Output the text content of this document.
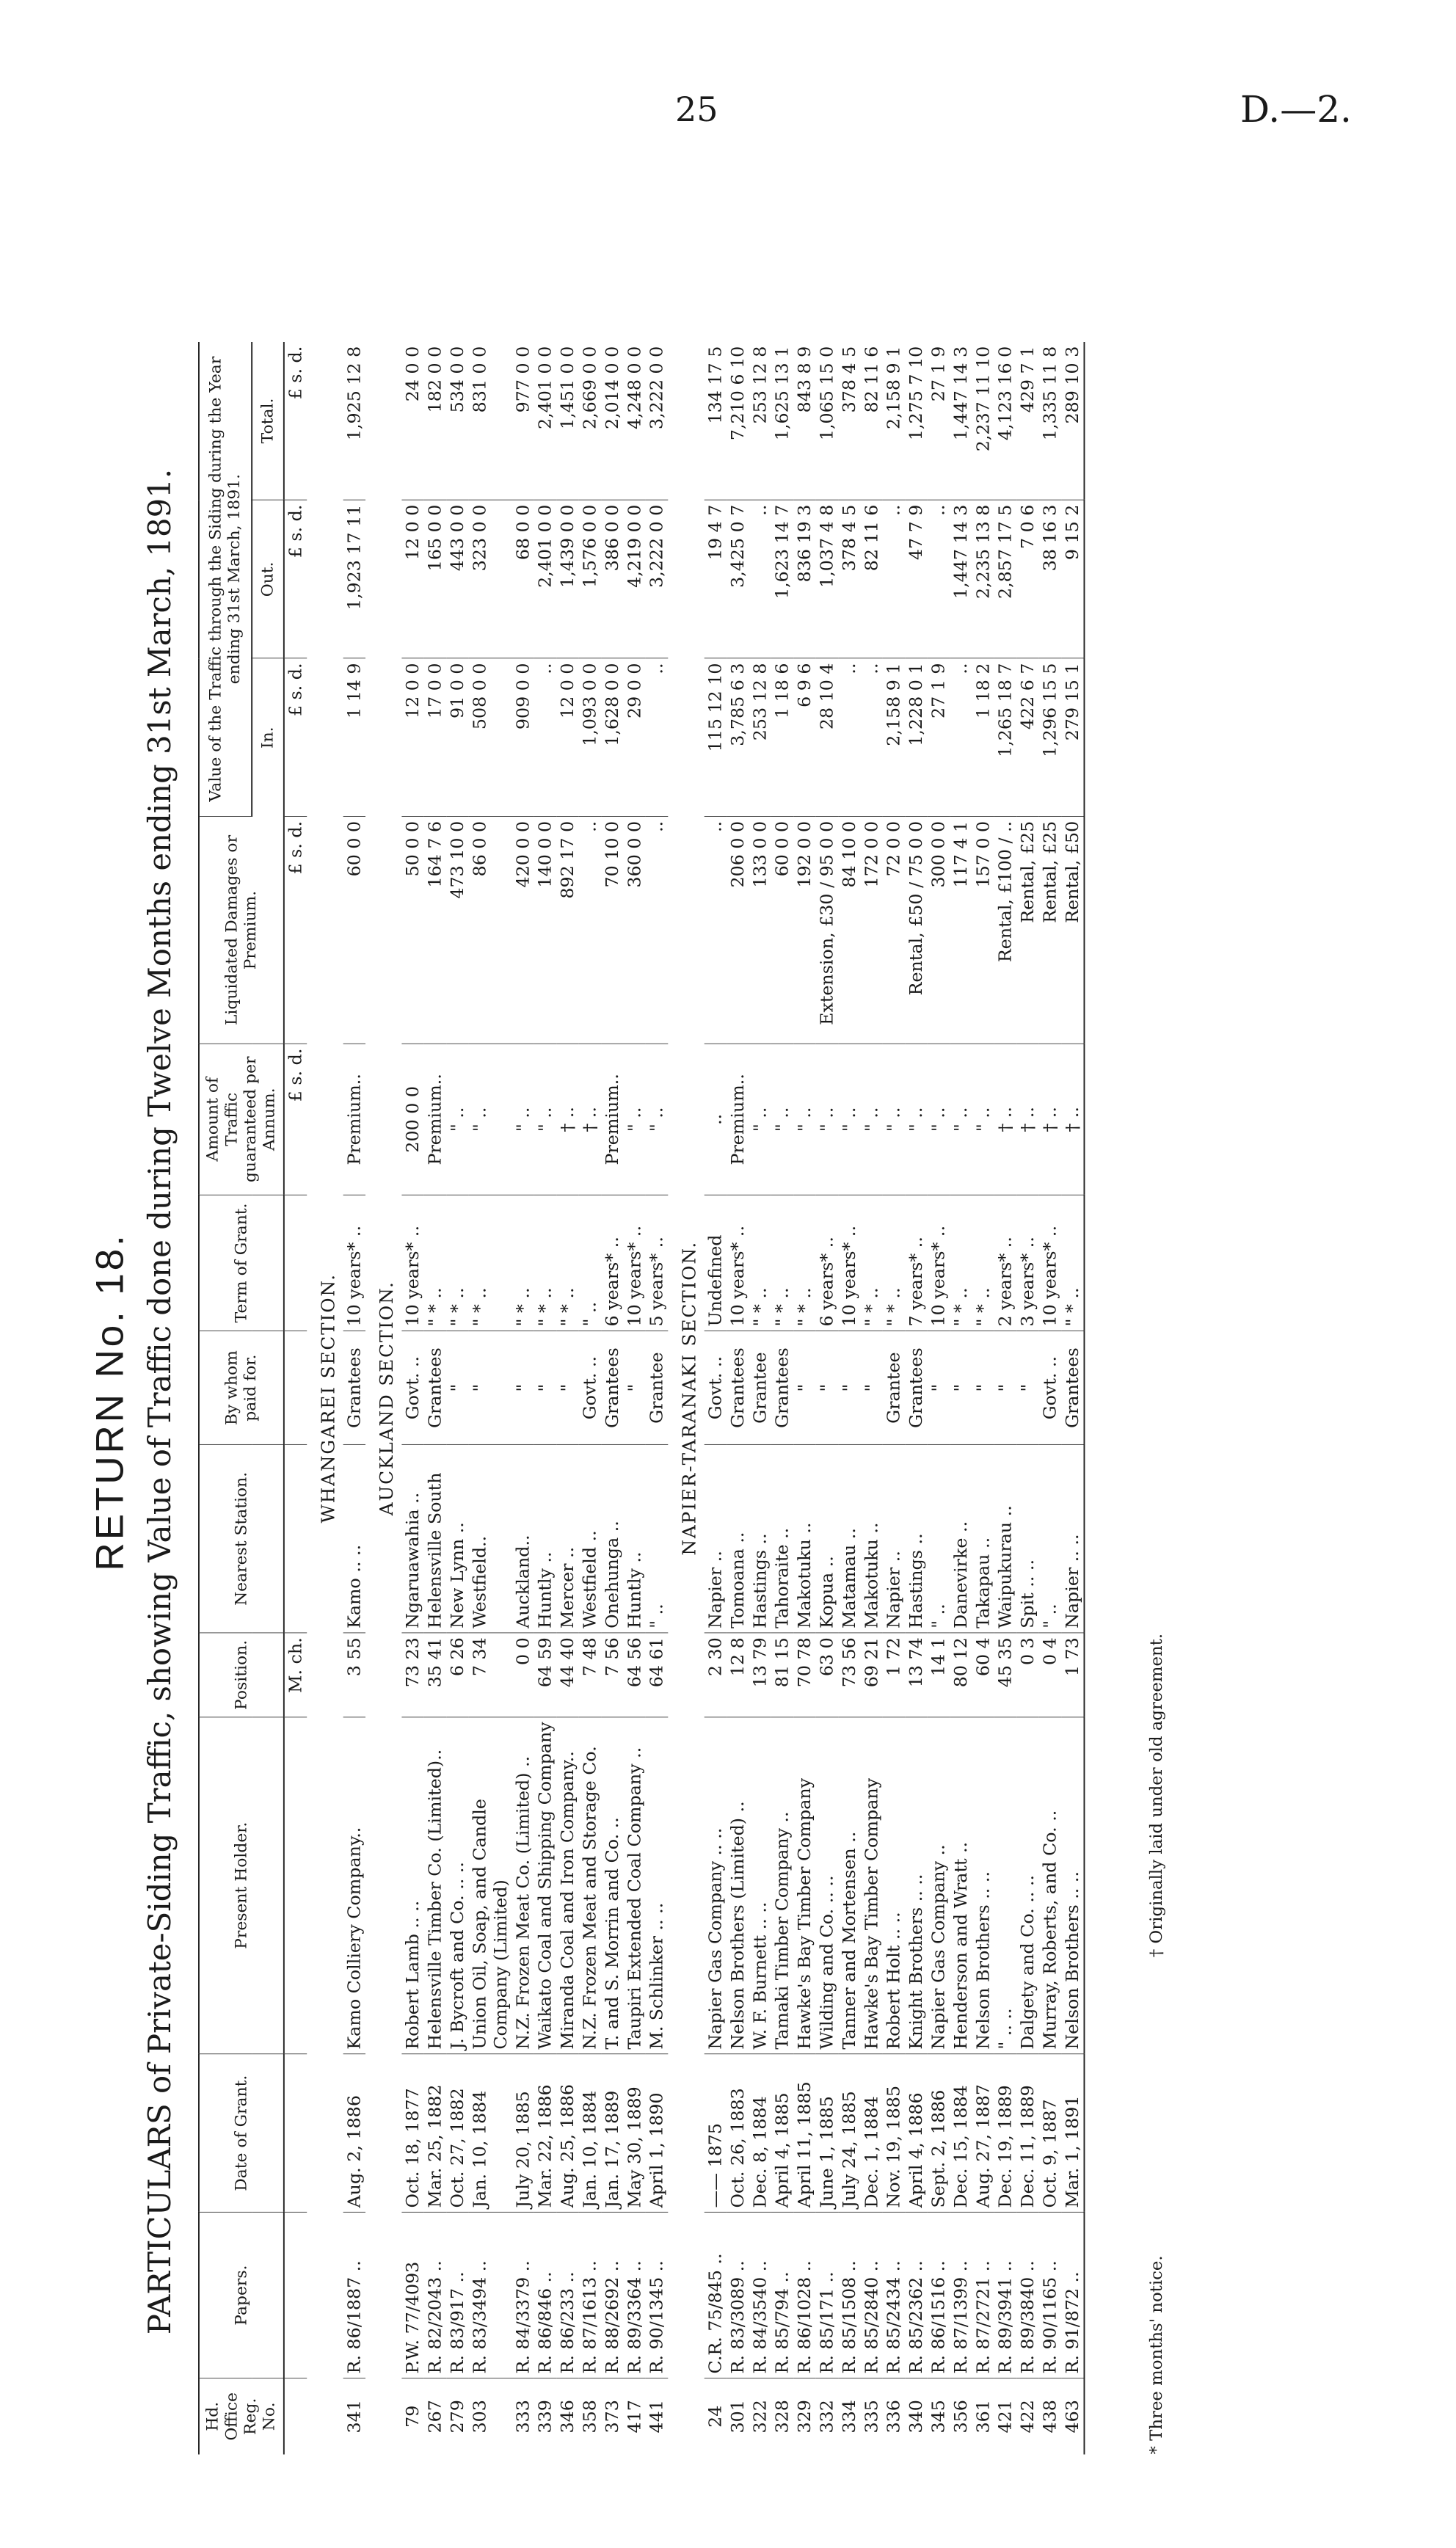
25	D.—2.
RETURN No. 18. PARTICULARS of Private-Siding Traffic, showing Value of Traffic done during Twelve Months ending 31st March, 1891.
Hd. Office Reg. No.	Papers.	Date of Grant.	Present Holder.	Position.	Nearest Station.	By whom paid for.	Term of Grant.	Amount of Traffic guaranteed per Annum.	Liquidated Damages or Premium.	Value of the Traffic through the Siding during the Year ending 31st March, 1891.		
										In.	Out.	Total.
				M. ch.				£ s. d.	£ s. d.	£ s. d.	£ s. d.	£ s. d.
WHANGAREI SECTION.												
341	R. 86/1887 ..	Aug. 2, 1886	Kamo Colliery Company..	3 55	Kamo .. ..	Grantees	10 years* ..	Premium..	60 0 0	1 14 9	1,923 17 11	1,925 12 8
AUCKLAND SECTION.												
79	P.W. 77/4093	Oct. 18, 1877	Robert Lamb .. ..	73 23	Ngaruawahia ..	Govt. ..	10 years* ..	200 0 0	50 0 0	12 0 0	12 0 0	24 0 0
267	R. 82/2043 ..	Mar. 25, 1882	Helensville Timber Co. (Limited)..	35 41	Helensville South	Grantees	" * ..	Premium..	164 7 6	17 0 0	165 0 0	182 0 0
279	R. 83/917 ..	Oct. 27, 1882	J. Bycroft and Co. .. ..	6 26	New Lynn ..	"	" * ..	" ..	473 10 0	91 0 0	443 0 0	534 0 0
303	R. 83/3494 ..	Jan. 10, 1884	Union Oil, Soap, and Candle Company (Limited)	7 34	Westfield..	"	" * ..	" ..	86 0 0	508 0 0	323 0 0	831 0 0
333	R. 84/3379 ..	July 20, 1885	N.Z. Frozen Meat Co. (Limited) ..	0 0	Auckland..	"	" * ..	" ..	420 0 0	909 0 0	68 0 0	977 0 0
339	R. 86/846 ..	Mar. 22, 1886	Waikato Coal and Shipping Company	64 59	Huntly ..	"	" * ..	" ..	140 0 0	..	2,401 0 0	2,401 0 0
346	R. 86/233 ..	Aug. 25, 1886	Miranda Coal and Iron Company..	44 40	Mercer ..	"	" * ..	† ..	892 17 0	12 0 0	1,439 0 0	1,451 0 0
358	R. 87/1613 ..	Jan. 10, 1884	N.Z. Frozen Meat and Storage Co.	7 48	Westfield ..	Govt. ..	" ..	† ..	..	1,093 0 0	1,576 0 0	2,669 0 0
373	R. 88/2692 ..	Jan. 17, 1889	T. and S. Morrin and Co. ..	7 56	Onehunga ..	Grantees	6 years* ..	Premium..	70 10 0	1,628 0 0	386 0 0	2,014 0 0
417	R. 89/3364 ..	May 30, 1889	Taupiri Extended Coal Company ..	64 56	Huntly ..	"	10 years* ..	" ..	360 0 0	29 0 0	4,219 0 0	4,248 0 0
441	R. 90/1345 ..	April 1, 1890	M. Schlinker .. ..	64 61	" ..	Grantee	5 years* ..	" ..	..	..	3,222 0 0	3,222 0 0
NAPIER-TARANAKI SECTION.												
24	C.R. 75/845 ..	—— 1875	Napier Gas Company .. ..	2 30	Napier ..	Govt. ..	Undefined	..	..	115 12 10	19 4 7	134 17 5
301	R. 83/3089 ..	Oct. 26, 1883	Nelson Brothers (Limited) ..	12 8	Tomoana ..	Grantees	10 years* ..	Premium..	206 0 0	3,785 6 3	3,425 0 7	7,210 6 10
322	R. 84/3540 ..	Dec. 8, 1884	W. F. Burnett .. ..	13 79	Hastings ..	Grantee	" * ..	" ..	133 0 0	253 12 8	..	253 12 8
328	R. 85/794 ..	April 4, 1885	Tamaki Timber Company ..	81 15	Tahoraite ..	Grantees	" * ..	" ..	60 0 0	1 18 6	1,623 14 7	1,625 13 1
329	R. 86/1028 ..	April 11, 1885	Hawke's Bay Timber Company	70 78	Makotuku ..	"	" * ..	" ..	192 0 0	6 9 6	836 19 3	843 8 9
332	R. 85/171 ..	June 1, 1885	Wilding and Co. .. ..	63 0	Kopua ..	"	6 years* ..	" ..	Extension, £30 / 95 0 0	28 10 4	1,037 4 8	1,065 15 0
334	R. 85/1508 ..	July 24, 1885	Tanner and Mortensen ..	73 56	Matamau ..	"	10 years* ..	" ..	84 10 0	..	378 4 5	378 4 5
335	R. 85/2840 ..	Dec. 1, 1884	Hawke's Bay Timber Company	69 21	Makotuku ..	"	" * ..	" ..	172 0 0	..	82 11 6	82 11 6
336	R. 85/2434 ..	Nov. 19, 1885	Robert Holt .. ..	1 72	Napier ..	Grantee	" * ..	" ..	72 0 0	2,158 9 1	..	2,158 9 1
340	R. 85/2362 ..	April 4, 1886	Knight Brothers .. ..	13 74	Hastings ..	Grantees	7 years* ..	" ..	Rental, £50 / 75 0 0	1,228 0 1	47 7 9	1,275 7 10
345	R. 86/1516 ..	Sept. 2, 1886	Napier Gas Company ..	14 1	" ..	"	10 years* ..	" ..	300 0 0	27 1 9	..	27 1 9
356	R. 87/1399 ..	Dec. 15, 1884	Henderson and Wratt ..	80 12	Danevirke ..	"	" * ..	" ..	117 4 1	..	1,447 14 3	1,447 14 3
361	R. 87/2721 ..	Aug. 27, 1887	Nelson Brothers .. ..	60 4	Takapau ..	"	" * ..	" ..	157 0 0	1 18 2	2,235 13 8	2,237 11 10
421	R. 89/3941 ..	Dec. 19, 1889	" .. ..	45 35	Waipukurau ..	"	2 years* ..	† ..	Rental, £100 / ..	1,265 18 7	2,857 17 5	4,123 16 0
422	R. 89/3840 ..	Dec. 11, 1889	Dalgety and Co. .. ..	0 3	Spit .. ..	"	3 years* ..	† ..	Rental, £25	422 6 7	7 0 6	429 7 1
438	R. 90/1165 ..	Oct. 9, 1887	Murray, Roberts, and Co. ..	0 4	" ..	Govt. ..	10 years* ..	† ..	Rental, £25	1,296 15 5	38 16 3	1,335 11 8
463	R. 91/872 ..	Mar. 1, 1891	Nelson Brothers .. ..	1 73	Napier .. ..	Grantees	" * ..	† ..	Rental, £50	279 15 1	9 15 2	289 10 3
* Three months' notice. † Originally laid under old agreement.
